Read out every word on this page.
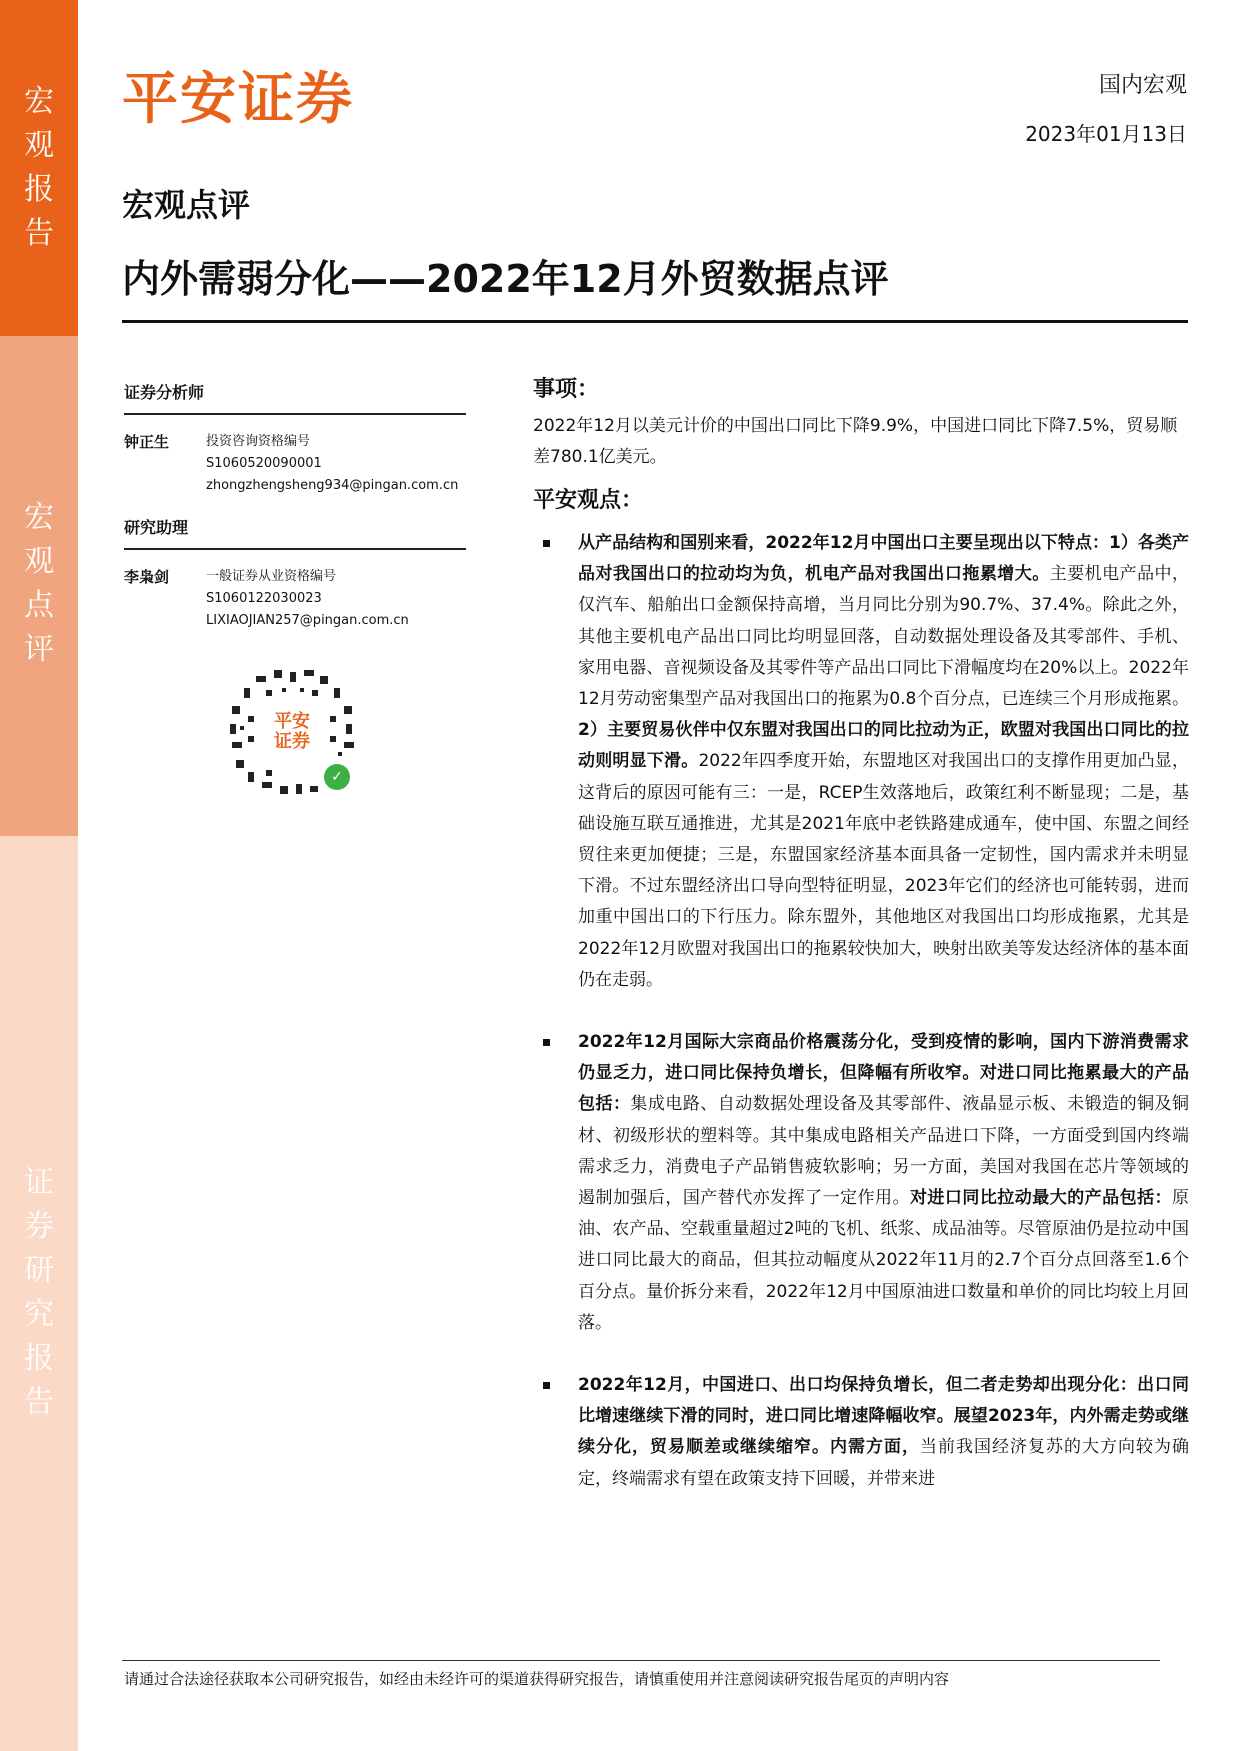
宏观报告
宏观点评
证券研究报告
平安证券	国内宏观
2023年01月13日
宏观点评
内外需弱分化——2022年12月外贸数据点评
证券分析师
钟正生	投资咨询资格编号
S1060520090001
zhongzhengsheng934@pingan.com.cn
研究助理
李枭剑	一般证券从业资格编号
S1060122030023
LIXIAOJIAN257@pingan.com.cn
平安
证券
✓
事项：
2022年12月以美元计价的中国出口同比下降9.9%，中国进口同比下降7.5%，贸易顺差780.1亿美元。
平安观点：
从产品结构和国别来看，2022年12月中国出口主要呈现出以下特点：1）各类产品对我国出口的拉动均为负，机电产品对我国出口拖累增大。主要机电产品中，仅汽车、船舶出口金额保持高增，当月同比分别为90.7%、37.4%。除此之外，其他主要机电产品出口同比均明显回落，自动数据处理设备及其零部件、手机、家用电器、音视频设备及其零件等产品出口同比下滑幅度均在20%以上。2022年12月劳动密集型产品对我国出口的拖累为0.8个百分点，已连续三个月形成拖累。2）主要贸易伙伴中仅东盟对我国出口的同比拉动为正，欧盟对我国出口同比的拉动则明显下滑。2022年四季度开始，东盟地区对我国出口的支撑作用更加凸显，这背后的原因可能有三：一是，RCEP生效落地后，政策红利不断显现；二是，基础设施互联互通推进，尤其是2021年底中老铁路建成通车，使中国、东盟之间经贸往来更加便捷；三是，东盟国家经济基本面具备一定韧性，国内需求并未明显下滑。不过东盟经济出口导向型特征明显，2023年它们的经济也可能转弱，进而加重中国出口的下行压力。除东盟外，其他地区对我国出口均形成拖累，尤其是2022年12月欧盟对我国出口的拖累较快加大，映射出欧美等发达经济体的基本面仍在走弱。
2022年12月国际大宗商品价格震荡分化，受到疫情的影响，国内下游消费需求仍显乏力，进口同比保持负增长，但降幅有所收窄。对进口同比拖累最大的产品包括：集成电路、自动数据处理设备及其零部件、液晶显示板、未锻造的铜及铜材、初级形状的塑料等。其中集成电路相关产品进口下降，一方面受到国内终端需求乏力，消费电子产品销售疲软影响；另一方面，美国对我国在芯片等领域的遏制加强后，国产替代亦发挥了一定作用。对进口同比拉动最大的产品包括：原油、农产品、空载重量超过2吨的飞机、纸浆、成品油等。尽管原油仍是拉动中国进口同比最大的商品，但其拉动幅度从2022年11月的2.7个百分点回落至1.6个百分点。量价拆分来看，2022年12月中国原油进口数量和单价的同比均较上月回落。
2022年12月，中国进口、出口均保持负增长，但二者走势却出现分化：出口同比增速继续下滑的同时，进口同比增速降幅收窄。展望2023年，内外需走势或继续分化，贸易顺差或继续缩窄。内需方面，当前我国经济复苏的大方向较为确定，终端需求有望在政策支持下回暖，并带来进
请通过合法途径获取本公司研究报告，如经由未经许可的渠道获得研究报告，请慎重使用并注意阅读研究报告尾页的声明内容
